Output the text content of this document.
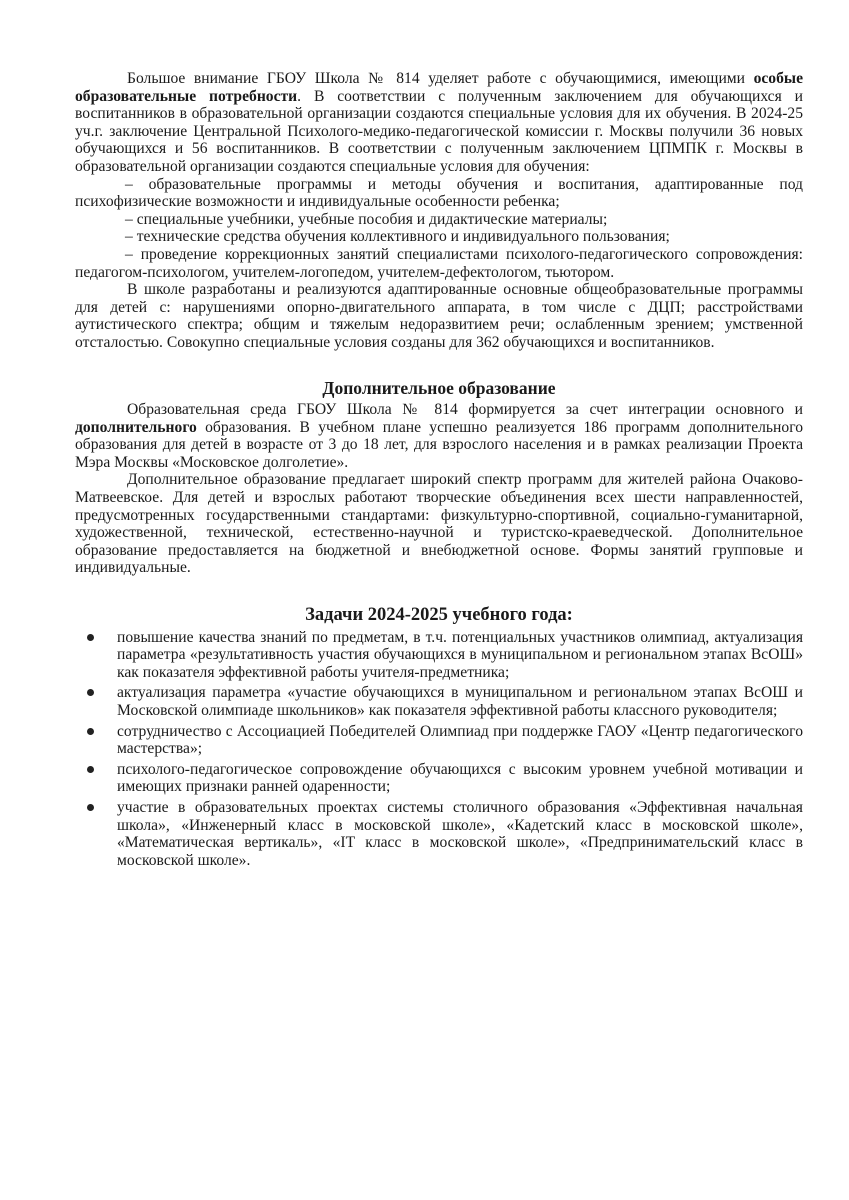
Большое внимание ГБОУ Школа № 814 уделяет работе с обучающимися, имеющими особые образовательные потребности. В соответствии с полученным заключением для обучающихся и воспитанников в образовательной организации создаются специальные условия для их обучения. В 2024-25 уч.г. заключение Центральной Психолого-медико-педагогической комиссии г. Москвы получили 36 новых обучающихся и 56 воспитанников. В соответствии с полученным заключением ЦПМПК г. Москвы в образовательной организации создаются специальные условия для обучения:

– образовательные программы и методы обучения и воспитания, адаптированные под психофизические возможности и индивидуальные особенности ребенка;

– специальные учебники, учебные пособия и дидактические материалы;

– технические средства обучения коллективного и индивидуального пользования;

– проведение коррекционных занятий специалистами психолого-педагогического сопровождения: педагогом-психологом, учителем-логопедом, учителем-дефектологом, тьютором.

В школе разработаны и реализуются адаптированные основные общеобразовательные программы для детей с: нарушениями опорно-двигательного аппарата, в том числе с ДЦП; расстройствами аутистического спектра; общим и тяжелым недоразвитием речи; ослабленным зрением; умственной отсталостью. Совокупно специальные условия созданы для 362 обучающихся и воспитанников.

Дополнительное образование

Образовательная среда ГБОУ Школа № 814 формируется за счет интеграции основного и дополнительного образования. В учебном плане успешно реализуется 186 программ дополнительного образования для детей в возрасте от 3 до 18 лет, для взрослого населения и в рамках реализации Проекта Мэра Москвы «Московское долголетие».

Дополнительное образование предлагает широкий спектр программ для жителей района Очаково-Матвеевское. Для детей и взрослых работают творческие объединения всех шести направленностей, предусмотренных государственными стандартами: физкультурно-спортивной, социально-гуманитарной, художественной, технической, естественно-научной и туристско-краеведческой. Дополнительное образование предоставляется на бюджетной и внебюджетной основе. Формы занятий групповые и индивидуальные.

Задачи 2024-2025 учебного года:
повышение качества знаний по предметам, в т.ч. потенциальных участников олимпиад, актуализация параметра «результативность участия обучающихся в муниципальном и региональном этапах ВсОШ» как показателя эффективной работы учителя-предметника;
актуализация параметра «участие обучающихся в муниципальном и региональном этапах ВсОШ и Московской олимпиаде школьников» как показателя эффективной работы классного руководителя;
сотрудничество с Ассоциацией Победителей Олимпиад при поддержке ГАОУ «Центр педагогического мастерства»;
психолого-педагогическое сопровождение обучающихся с высоким уровнем учебной мотивации и имеющих признаки ранней одаренности;
участие в образовательных проектах системы столичного образования «Эффективная начальная школа», «Инженерный класс в московской школе», «Кадетский класс в московской школе», «Математическая вертикаль», «IT класс в московской школе», «Предпринимательский класс в московской школе».
